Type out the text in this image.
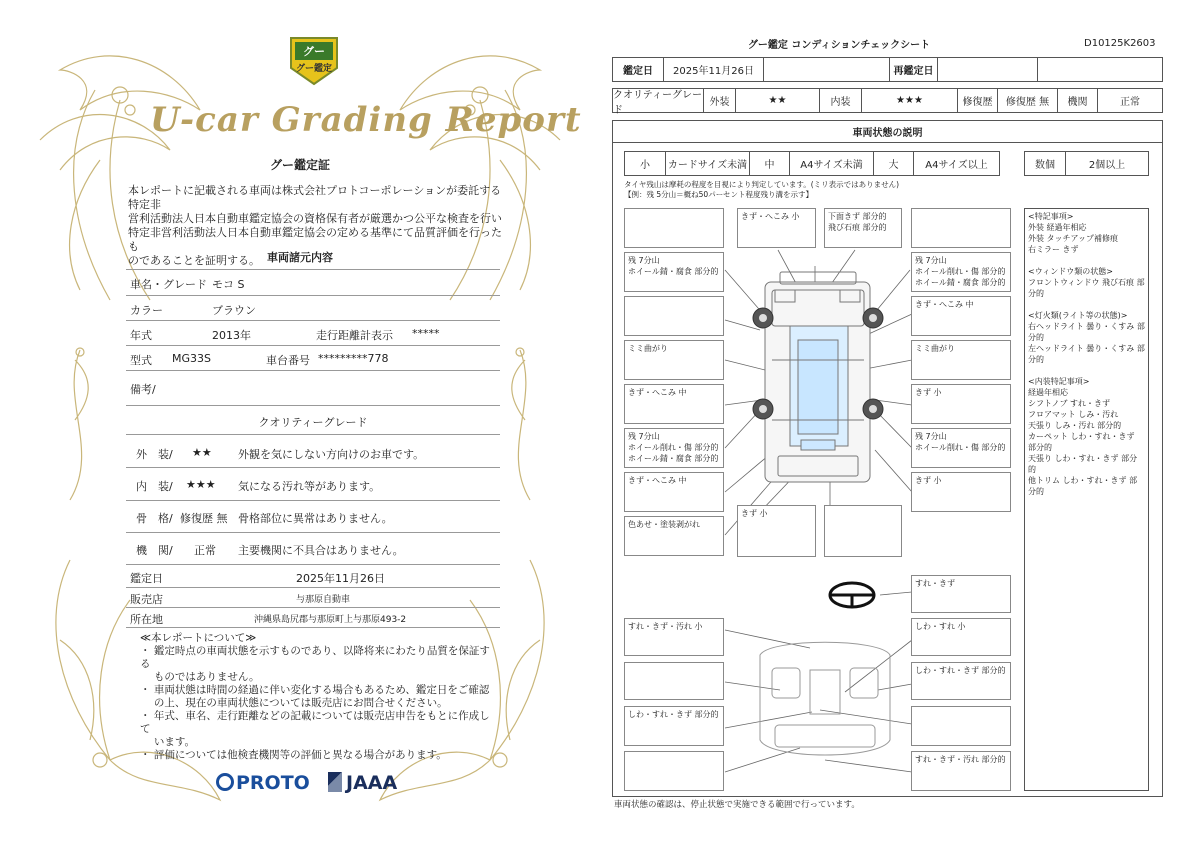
グー
グー鑑定
U-car Grading Report
グー鑑定証
本レポートに記載される車両は株式会社プロトコーポレーションが委託する特定非
営利活動法人日本自動車鑑定協会の資格保有者が厳選かつ公平な検査を行い
特定非営利活動法人日本自動車鑑定協会の定める基準にて品質評価を行ったも
のであることを証明する。 車両諸元内容
車名・グレード モコ S
カラー	ブラウン
年式	2013年	走行距離計表示 *****
型式 MG33S	車台番号 *********778
備考/
クオリティーグレード
外　装/ ★★ 外観を気にしない方向けのお車です。
内　装/ ★★★ 気になる汚れ等があります。
骨　格/ 修復歴 無 骨格部位に異常はありません。
機　関/ 正常 主要機関に不具合はありません。
鑑定日	2025年11月26日
販売店	与那原自動車
所在地	沖縄県島尻郡与那原町上与那原493-2
≪本レポートについて≫
・ 鑑定時点の車両状態を示すものであり、以降将来にわたり品質を保証する
　 ものではありません。
・ 車両状態は時間の経過に伴い変化する場合もあるため、鑑定日をご確認
　 の上、現在の車両状態については販売店にお問合せください。
・ 年式、車名、走行距離などの記載については販売店申告をもとに作成して
　 います。
・ 評価については他検査機関等の評価と異なる場合があります。
PROTO	JAAA
グー鑑定 コンディションチェックシート	D10125K2603
鑑定日	2025年11月26日	再鑑定日
クオリティーグレード
外装	★★	内装	★★★	修復歴	修復歴 無	機関	正常
車両状態の説明
小	カードサイズ未満	中	A4サイズ未満	大	A4サイズ以上	数個	2個以上
タイヤ残山は摩耗の程度を目視により判定しています。(ミリ表示ではありません)
【例：残 5分山＝概ね50パーセント程度残り溝を示す】
きず・へこみ 小	下面きず 部分的
飛び石痕 部分的
残 7分山
ホイール錆・腐食 部分的
残 7分山
ホイール削れ・傷 部分的
ホイール錆・腐食 部分的
きず・へこみ 中
ミミ曲がり	ミミ曲がり
きず・へこみ 中	きず 小
残 7分山
ホイール削れ・傷 部分的
ホイール錆・腐食 部分的
残 7分山
ホイール削れ・傷 部分的
きず・へこみ 中	きず 小
色あせ・塗装剥がれ
きず 小
すれ・きず
すれ・きず・汚れ 小	しわ・すれ 小
しわ・すれ・きず 部分的
しわ・すれ・きず 部分的
すれ・きず・汚れ 部分的
<特記事項>
外装 経過年相応
外装 タッチアップ補修痕
右ミラー きず
<ウィンドウ類の状態>
フロントウィンドウ 飛び石痕 部分的
<灯火類(ライト等の状態)>
右ヘッドライト 曇り・くすみ 部分的
左ヘッドライト 曇り・くすみ 部分的
<内装特記事項>
経過年相応
シフトノブ すれ・きず
フロアマット しみ・汚れ
天張り しみ・汚れ 部分的
カーペット しわ・すれ・きず 部分的
天張り しわ・すれ・きず 部分的
他トリム しわ・すれ・きず 部分的
車両状態の確認は、停止状態で実施できる範囲で行っています。
